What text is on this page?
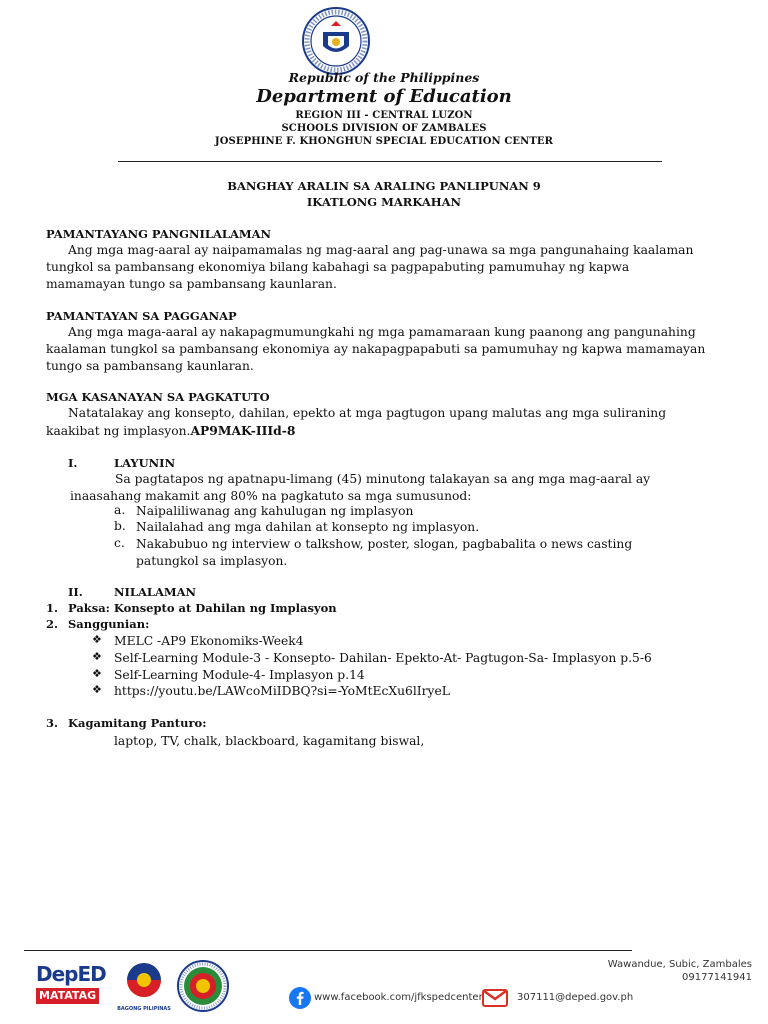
Republic of the Philippines
Department of Education
REGION III - CENTRAL LUZON
SCHOOLS DIVISION OF ZAMBALES
JOSEPHINE F. KHONGHUN SPECIAL EDUCATION CENTER
BANGHAY ARALIN SA ARALING PANLIPUNAN 9
IKATLONG MARKAHAN
PAMANTAYANG PANGNILALAMAN
Ang mga mag-aaral ay naipamamalas ng mag-aaral ang pag-unawa sa mga pangunahaing kaalaman tungkol sa pambansang ekonomiya bilang kabahagi sa pagpapabuting pamumuhay ng kapwa mamamayan tungo sa pambansang kaunlaran.
PAMANTAYAN SA PAGGANAP
Ang mga maga-aaral ay nakapagmumungkahi ng mga pamamaraan kung paanong ang pangunahing kaalaman tungkol sa pambansang ekonomiya ay nakapagpapabuti sa pamumuhay ng kapwa mamamayan tungo sa pambansang kaunlaran.
MGA KASANAYAN SA PAGKATUTO
Natatalakay ang konsepto, dahilan, epekto at mga pagtugon upang malutas ang mga suliraning kaakibat ng implasyon.AP9MAK-IIId-8
I.	LAYUNIN
Sa pagtatapos ng apatnapu-limang (45) minutong talakayan sa ang mga mag-aaral ay inaasahang makamit ang 80% na pagkatuto sa mga sumusunod:
a. Naipaliliwanag ang kahulugan ng implasyon
b. Nailalahad ang mga dahilan at konsepto ng implasyon.
c. Nakabubuo ng interview o talkshow, poster, slogan, pagbabalita o news casting patungkol sa implasyon.
II.	NILALAMAN
1. Paksa: Konsepto at Dahilan ng Implasyon
2. Sanggunian:
❖ MELC -AP9 Ekonomiks-Week4
❖ Self-Learning Module-3 - Konsepto- Dahilan- Epekto-At- Pagtugon-Sa- Implasyon p.5-6
❖ Self-Learning Module-4- Implasyon p.14
❖ https://youtu.be/LAWcoMiIDBQ?si=-YoMtEcXu6lIryeL
3. Kagamitang Panturo:
laptop, TV, chalk, blackboard, kagamitang biswal,
DepED
MATATAG
BAGONG PILIPINAS
Wawandue, Subic, Zambales
09177141941
www.facebook.com/jfkspedcenter	307111@deped.gov.ph
